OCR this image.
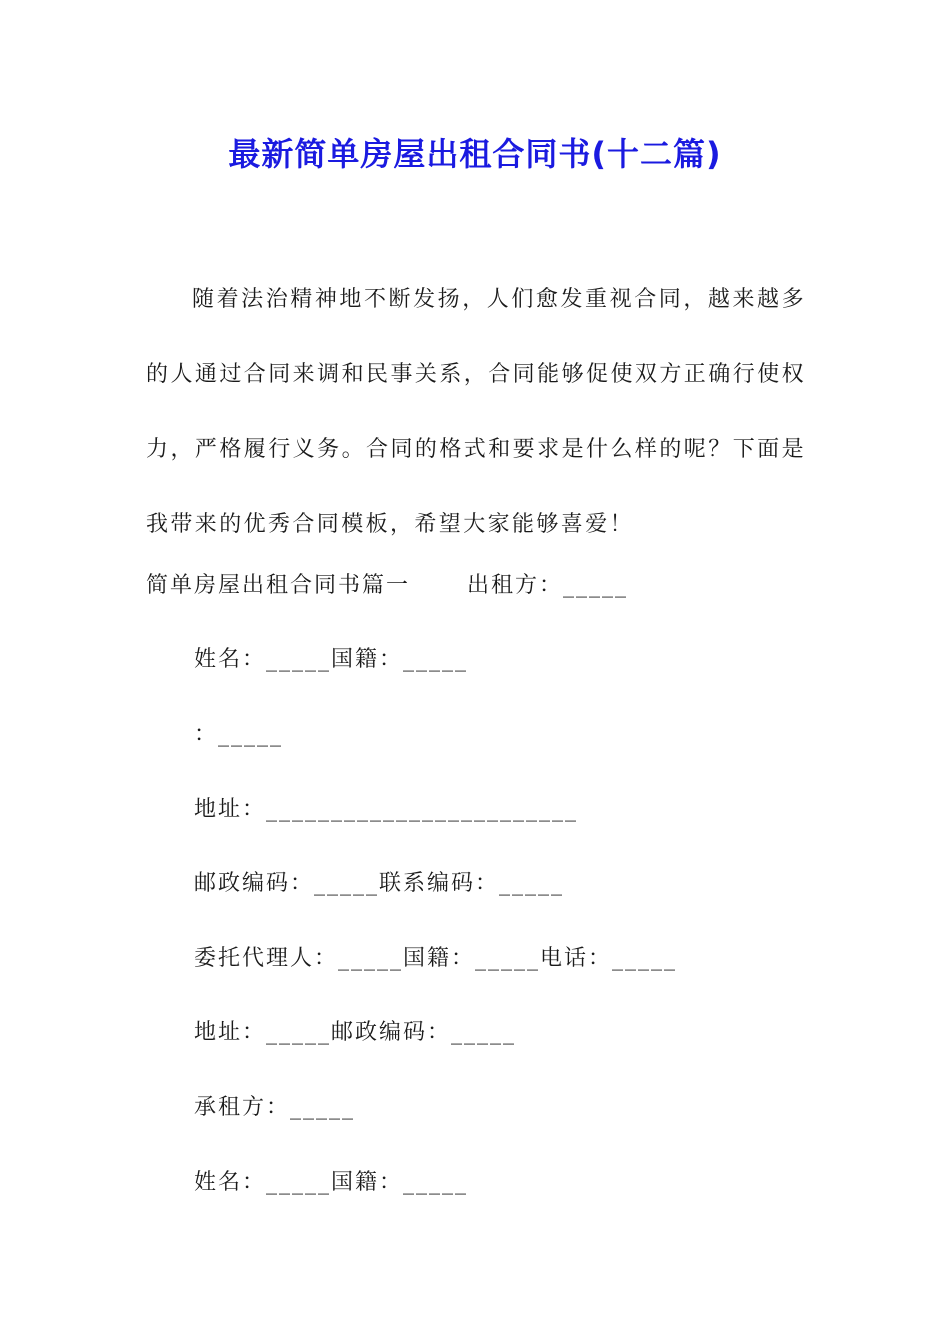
最新简单房屋出租合同书(十二篇)

随着法治精神地不断发扬，人们愈发重视合同，越来越多的人通过合同来调和民事关系，合同能够促使双方正确行使权力，严格履行义务。合同的格式和要求是什么样的呢？下面是我带来的优秀合同模板，希望大家能够喜爱！

简单房屋出租合同书篇一　　 出租方：_____

姓名：_____国籍：_____

：_____

地址：________________________

邮政编码：_____联系编码：_____

委托代理人：_____国籍：_____电话：_____

地址：_____邮政编码：_____

承租方：_____

姓名：_____国籍：_____
